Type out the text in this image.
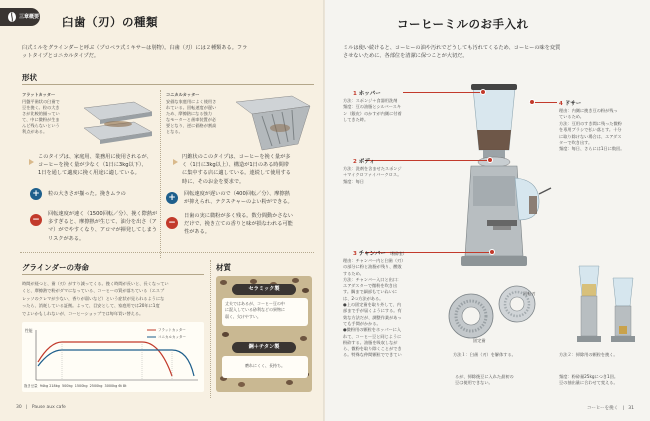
三章概要 臼歯（刃）の種類
臼式ミルをグラインダーと呼ぶ（プロペラ式ミキサーは別物）。臼歯（刃）には２種類ある。フラ
ットタイプとコニカルタイプだ。
形状
フラットカッター
円盤平歯状の臼歯で
豆を挽く。粒の大き
さが比較的揃ってい
て、中に微粉が生ま
んど残らないという
利点がある。
コニカルカッター
安価な家庭用によく使用さ
れている。回転速度が遅い
ため、摩擦熱になる強力
なモーターと歯車装置が必
要となり、逆に価格が割高
となる。
このタイプは、家庭用、業務用に使用されるが、
コーヒーを挽く量が少なく（1日に3kg以下）、
1日を通して適度に挽く用途に適している。
円錐状のこのタイプは、コーヒーを挽く量が多
く（1日に3kg以上）、構造が1日のある時間帯
に集中する店に適している。連続して使用する
時に、そのお金を要求で。
+	粒の大きさが揃った。挽きムラの
−
回転速度が速く（1500回転／分）、挽く際熱が
多すぎると、摩擦熱が生じて、油分を出さ（ア
マ）がでやすくなり、アロマが揮発してしまう
リスクがある。
+	回転速度が遅いので（400回転／分）、摩擦熱
が抑えられ、テクスチャーのよい粉ができる。
−
日歯の実に微粉が多く残る。数分間動かさない
だけで、挽き立ての香りと味が損なわれる可能
性がある。
グラインダーの寿命
時間が経つと、歯（刃）がすり減ってくる。挽く時間が長いと、長くなってい
くと、摩擦熱で粉がダマになっている、コーヒーの質が落ちている（エスプ
レッソのクレマが少ない、香りが弱いなど）という症状が見られるようにな
ったら、消耗している証拠。よって、目安として、家庭用では20年に1度
でよいかもしれないが、コーヒーショップでは毎年買い替える。
性能	フラットカッター
コニカルカッター
挽き豆量 94kg 218kg 500kg 1500kg 2500kg 3000kg 6t 8t
材質
セラミック製
丈夫ではあるが、コーヒー豆の中
に混入している砂利などの異物に
弱く、欠けやすい。
鋼＋チタン製
磨れにくく、長持ち。
30   |   Pause aux cafe
コーヒーミルのお手入れ
ミルは使い続けると、コーヒーの油や汚れでどうしても汚れてくるため、コーヒーの味を変質
させないために、各部位を清潔に保つことが大切だ。
1 ホッパー
方法：スポンジ＋食器用洗剤
頻度：豆の油脂とシルバースキ
ン（銀皮）のかすが内側に付着
してきた時。
2 ボディ
方法：洗剤を含ませたスポンジ
＋マイクロファイバークロス。
頻度：毎日
3 チャンバー （粉砕室）
理由：チャンバー内と臼歯（刃）
の部分に粉と油脂が残り、酸敗
するため。
方法：チャンバー入口と出口：
エアダスターで微粉を吹き出
す。隅まで細部もていねいに
は、2つ方法がある。
●上の固定歯を取り外して、内
部まで手が届くようにする。有
効な方法だが、調整作業があっ
ても手間がかかる。
●微粉用の顆粒をホッパーに入
れて、コーヒー豆と同じように
粉砕する。油脂を吸収しなが
ら、微粉を取り除くことができ
る。特殊な仲間顆粒でできてい
4 ドサー
理由：内側に挽き豆の粉が残っ
ているため。
方法：豆用のすき間に残った微粉
を専用ブラシで払い落とす。十分
に取り除けない場合は、エアダス
ターで吹き出す。
頻度：毎日、さらには1日に数回。
回転刃
固定歯
方法１：臼歯（刃）を解体する。	方法２：掃除用の顆粒を挽く。
るが、掃除後豆に入れた最初の
豆は使用できない。
頻度：粉砕量25kgにつき1回。
豆の抽出量に合わせて変える。
コーヒーを挽く   |   31
